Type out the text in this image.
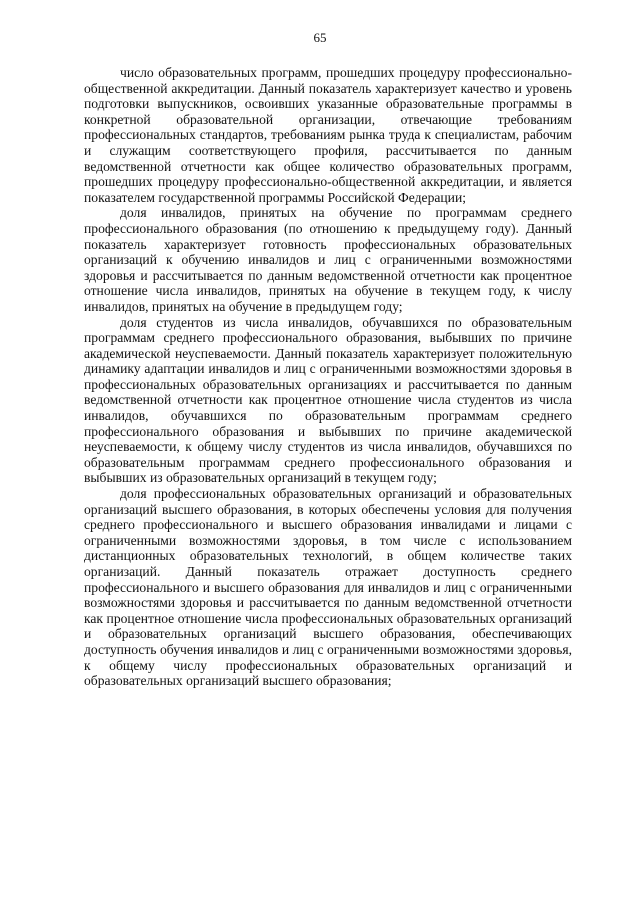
65

число образовательных программ, прошедших процедуру профессионально-общественной аккредитации. Данный показатель характеризует качество и уровень подготовки выпускников, освоивших указанные образовательные программы в конкретной образовательной организации, отвечающие требованиям профессиональных стандартов, требованиям рынка труда к специалистам, рабочим и служащим соответствующего профиля, рассчитывается по данным ведомственной отчетности как общее количество образовательных программ, прошедших процедуру профессионально-общественной аккредитации, и является показателем государственной программы Российской Федерации;

доля инвалидов, принятых на обучение по программам среднего профессионального образования (по отношению к предыдущему году). Данный показатель характеризует готовность профессиональных образовательных организаций к обучению инвалидов и лиц с ограниченными возможностями здоровья и рассчитывается по данным ведомственной отчетности как процентное отношение числа инвалидов, принятых на обучение в текущем году, к числу инвалидов, принятых на обучение в предыдущем году;

доля студентов из числа инвалидов, обучавшихся по образовательным программам среднего профессионального образования, выбывших по причине академической неуспеваемости. Данный показатель характеризует положительную динамику адаптации инвалидов и лиц с ограниченными возможностями здоровья в профессиональных образовательных организациях и рассчитывается по данным ведомственной отчетности как процентное отношение числа студентов из числа инвалидов, обучавшихся по образовательным программам среднего профессионального образования и выбывших по причине академической неуспеваемости, к общему числу студентов из числа инвалидов, обучавшихся по образовательным программам среднего профессионального образования и выбывших из образовательных организаций в текущем году;

доля профессиональных образовательных организаций и образовательных организаций высшего образования, в которых обеспечены условия для получения среднего профессионального и высшего образования инвалидами и лицами с ограниченными возможностями здоровья, в том числе с использованием дистанционных образовательных технологий, в общем количестве таких организаций. Данный показатель отражает доступность среднего профессионального и высшего образования для инвалидов и лиц с ограниченными возможностями здоровья и рассчитывается по данным ведомственной отчетности как процентное отношение числа профессиональных образовательных организаций и образовательных организаций высшего образования, обеспечивающих доступность обучения инвалидов и лиц с ограниченными возможностями здоровья, к общему числу профессиональных образовательных организаций и образовательных организаций высшего образования;
